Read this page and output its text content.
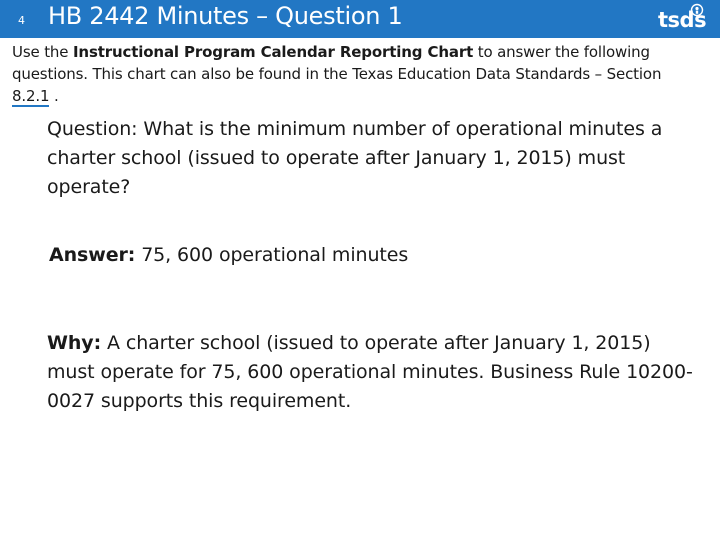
4 HB 2442 Minutes – Question 1	tsds
Use the Instructional Program Calendar Reporting Chart to answer the following questions. This chart can also be found in the Texas Education Data Standards – Section 8.2.1 .
Question: What is the minimum number of operational minutes a charter school (issued to operate after January 1, 2015) must operate?
Answer: 75, 600 operational minutes
Why: A charter school (issued to operate after January 1, 2015) must operate for 75, 600 operational minutes. Business Rule 10200-0027 supports this requirement.
